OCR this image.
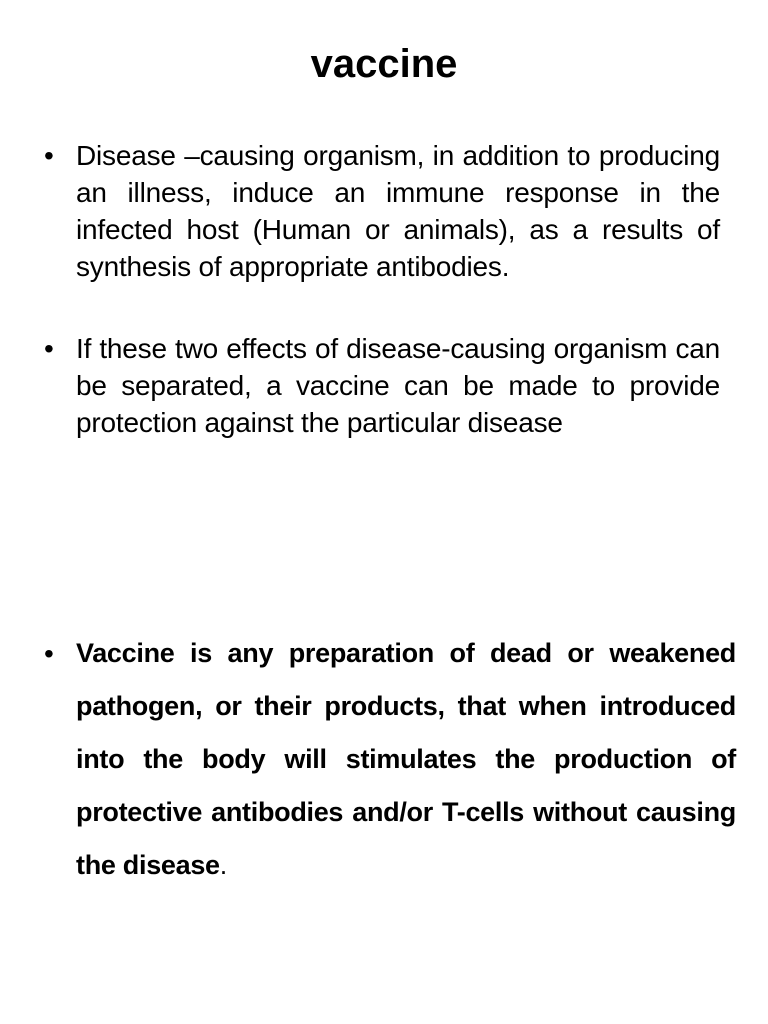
vaccine
• Disease –causing organism, in addition to producing an illness, induce an immune response in the infected host (Human or animals), as a results of synthesis of appropriate antibodies.
• If these two effects of disease-causing organism can be separated, a vaccine can be made to provide protection against the particular disease
• Vaccine is any preparation of dead or weakened pathogen, or their products, that when introduced into the body will stimulates the production of protective antibodies and/or T-cells without causing the disease.
